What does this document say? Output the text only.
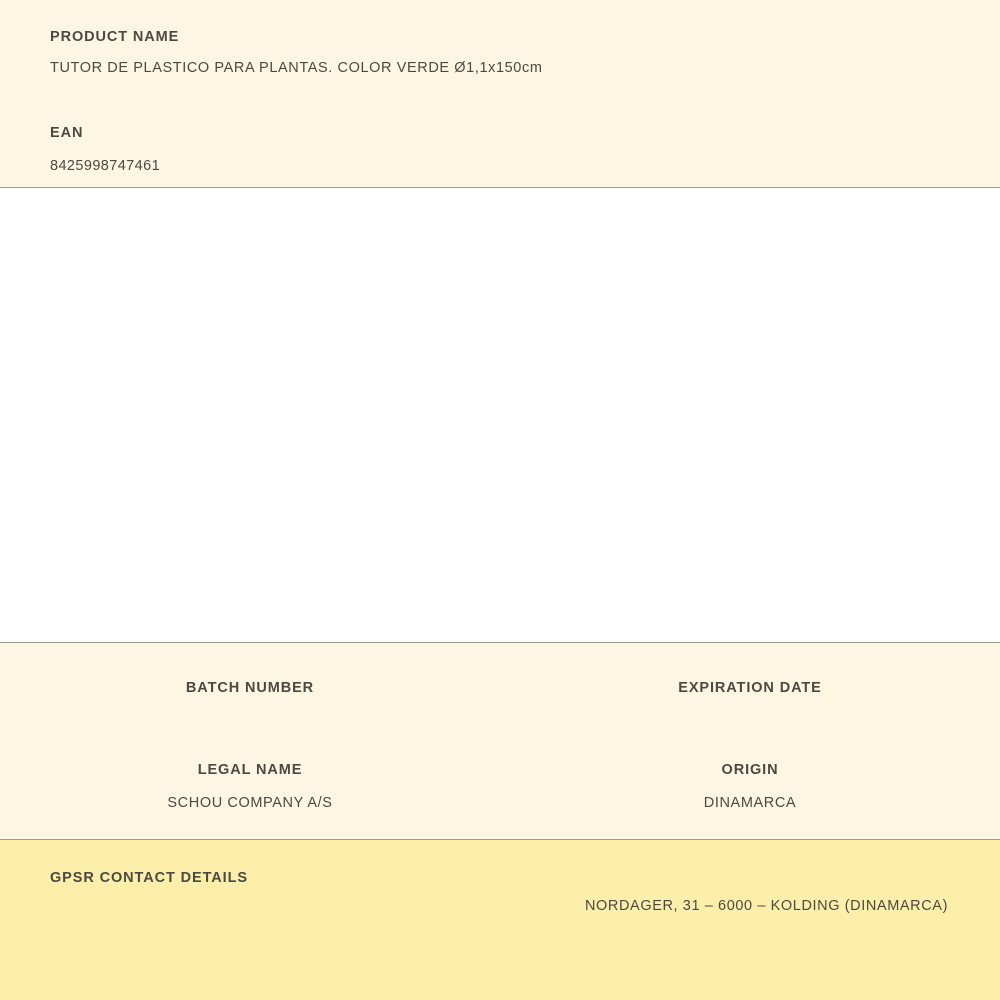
PRODUCT NAME
TUTOR DE PLASTICO PARA PLANTAS. COLOR VERDE Ø1,1x150cm
EAN
8425998747461
BATCH NUMBER	EXPIRATION DATE
LEGAL NAME
SCHOU COMPANY A/S
ORIGIN
DINAMARCA
GPSR CONTACT DETAILS
NORDAGER, 31 – 6000 – KOLDING (DINAMARCA)
